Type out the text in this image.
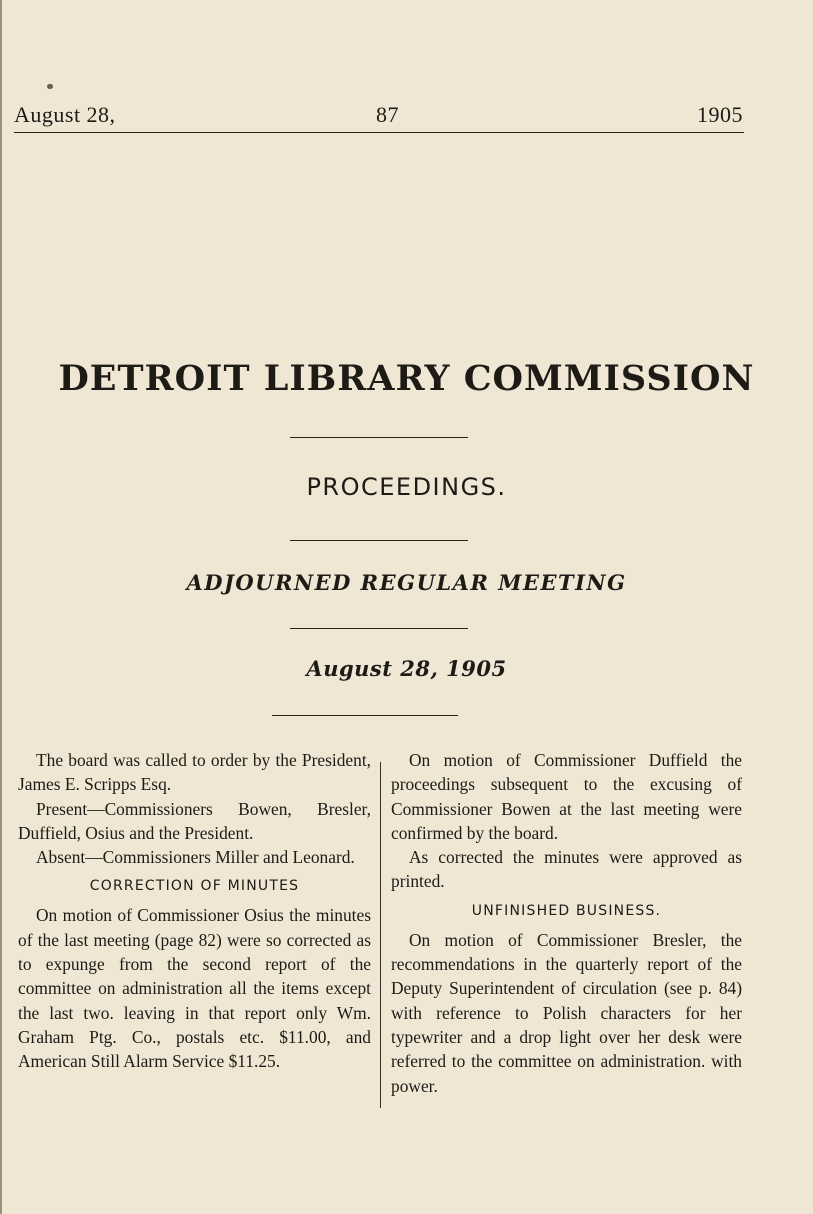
August 28,	87	1905
DETROIT LIBRARY COMMISSION
PROCEEDINGS.
ADJOURNED REGULAR MEETING
August 28, 1905

The board was called to order by the President, James E. Scripps Esq.

Present—Commissioners Bowen, Bresler, Duffield, Osius and the President.

Absent—Commissioners Miller and Leonard.

CORRECTION OF MINUTES

On motion of Commissioner Osius the minutes of the last meeting (page 82) were so corrected as to expunge from the second report of the committee on administration all the items except the last two. leaving in that report only Wm. Graham Ptg. Co., postals etc. $11.00, and American Still Alarm Service $11.25.

On motion of Commissioner Duffield the proceedings subsequent to the excusing of Commissioner Bowen at the last meeting were confirmed by the board.

As corrected the minutes were approved as printed.

UNFINISHED BUSINESS.

On motion of Commissioner Bresler, the recommendations in the quarterly report of the Deputy Superintendent of circulation (see p. 84) with reference to Polish characters for her typewriter and a drop light over her desk were referred to the committee on administration. with power.
